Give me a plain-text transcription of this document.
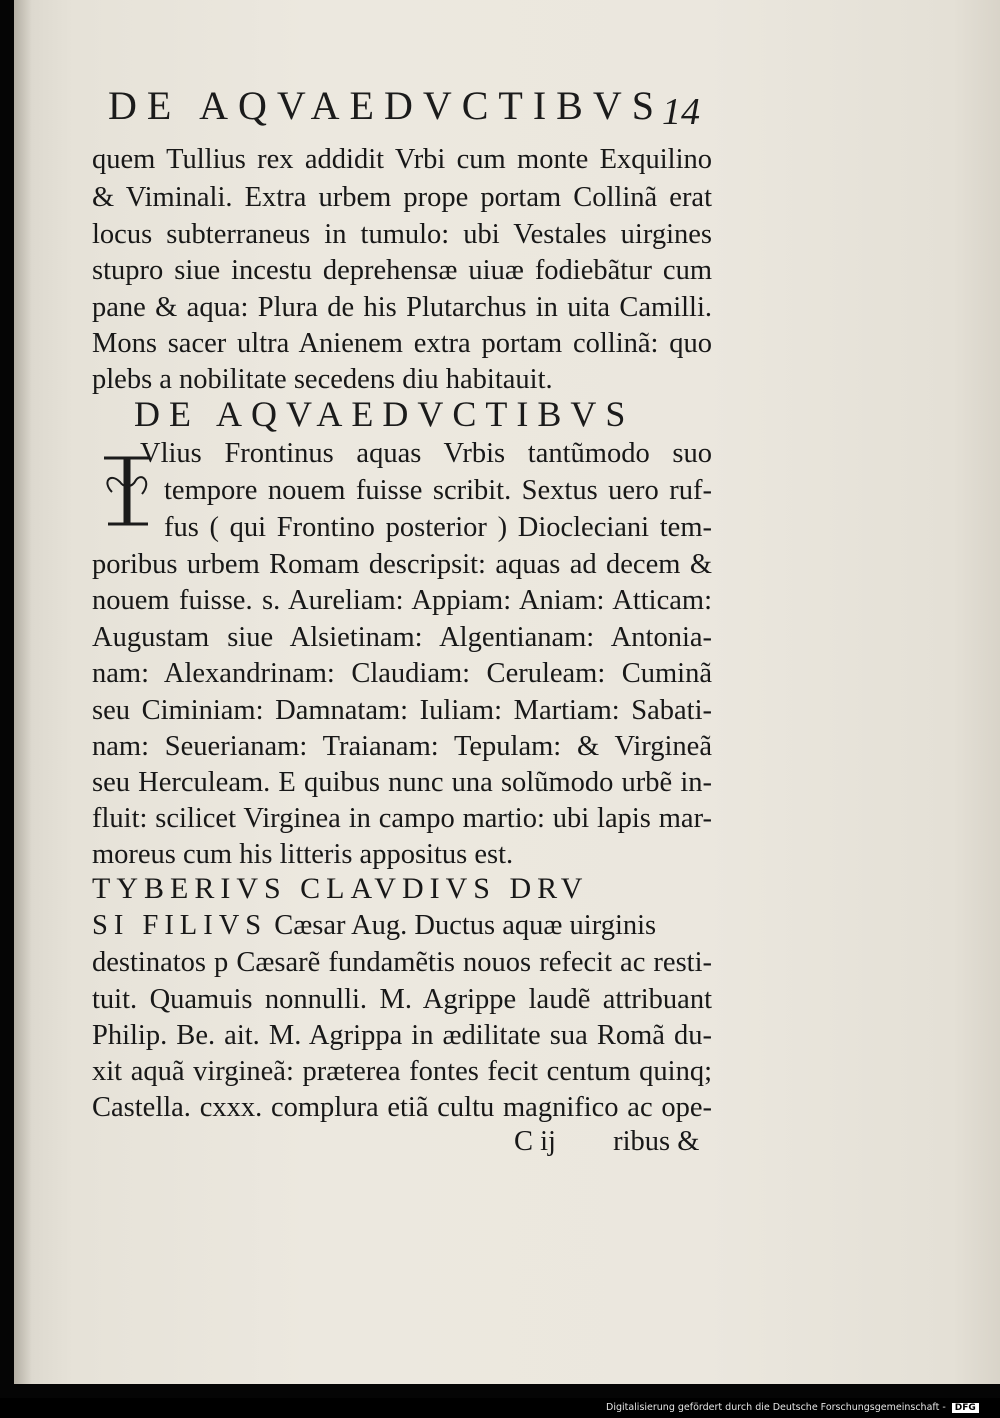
DE AQVAEDVCTIBVS
14
quem Tullius rex addidit Vrbi cum monte Exquilino
& Viminali. Extra urbem prope portam Collinã erat
locus subterraneus in tumulo: ubi Vestales uirgines
stupro siue incestu deprehensæ uiuæ fodiebãtur cum
pane & aqua: Plura de his Plutarchus in uita Camilli.
Mons sacer ultra Anienem extra portam collinã: quo
plebs a nobilitate secedens diu habitauit.
DE AQVAEDVCTIBVS
I
Vlius Frontinus aquas Vrbis tantũmodo suo
tempore nouem fuisse scribit. Sextus uero ruf-
fus ( qui Frontino posterior ) Diocleciani tem-
poribus urbem Romam descripsit: aquas ad decem &
nouem fuisse. s. Aureliam: Appiam: Aniam: Atticam:
Augustam siue Alsietinam: Algentianam: Antonia-
nam: Alexandrinam: Claudiam: Ceruleam: Cuminã
seu Ciminiam: Damnatam: Iuliam: Martiam: Sabati-
nam: Seuerianam: Traianam: Tepulam: & Virgineã
seu Herculeam. E quibus nunc una solũmodo urbẽ in-
fluit: scilicet Virginea in campo martio: ubi lapis mar-
moreus cum his litteris appositus est.
TYBERIVS CLAVDIVS DRV
SI FILIVS Cæsar Aug. Ductus aquæ uirginis
destinatos p Cæsarẽ fundamẽtis nouos refecit ac resti-
tuit. Quamuis nonnulli. M. Agrippe laudẽ attribuant
Philip. Be. ait. M. Agrippa in ædilitate sua Romã du-
xit aquã virgineã: præterea fontes fecit centum quinq;
Castella. cxxx. complura etiã cultu magnifico ac ope-
C ij ribus &
Digitalisierung gefördert durch die Deutsche Forschungsgemeinschaft - DFG
